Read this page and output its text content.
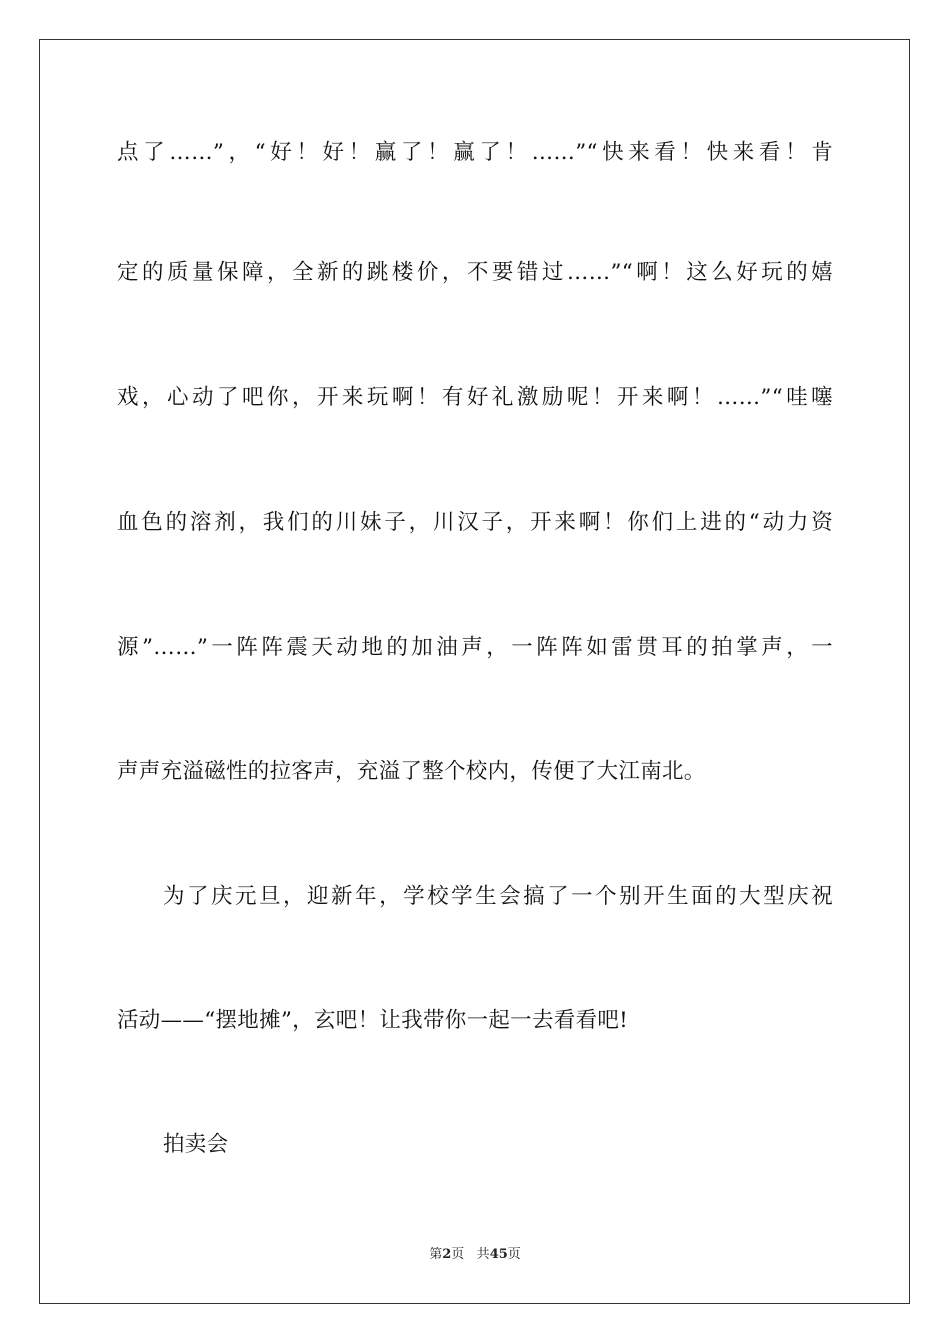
点了……”，“好！好！赢了！赢了！……”“快来看！快来看！肯
定的质量保障，全新的跳楼价，不要错过……”“啊！这么好玩的嬉
戏，心动了吧你，开来玩啊！有好礼激励呢！开来啊！……”“哇噻
血色的溶剂，我们的川妹子，川汉子，开来啊！你们上进的“动力资
源”……”一阵阵震天动地的加油声，一阵阵如雷贯耳的拍掌声，一
声声充溢磁性的拉客声，充溢了整个校内，传便了大江南北。
为了庆元旦，迎新年，学校学生会搞了一个别开生面的大型庆祝
活动——“摆地摊”，玄吧！让我带你一起一去看看吧!
拍卖会
第2页 共45页
